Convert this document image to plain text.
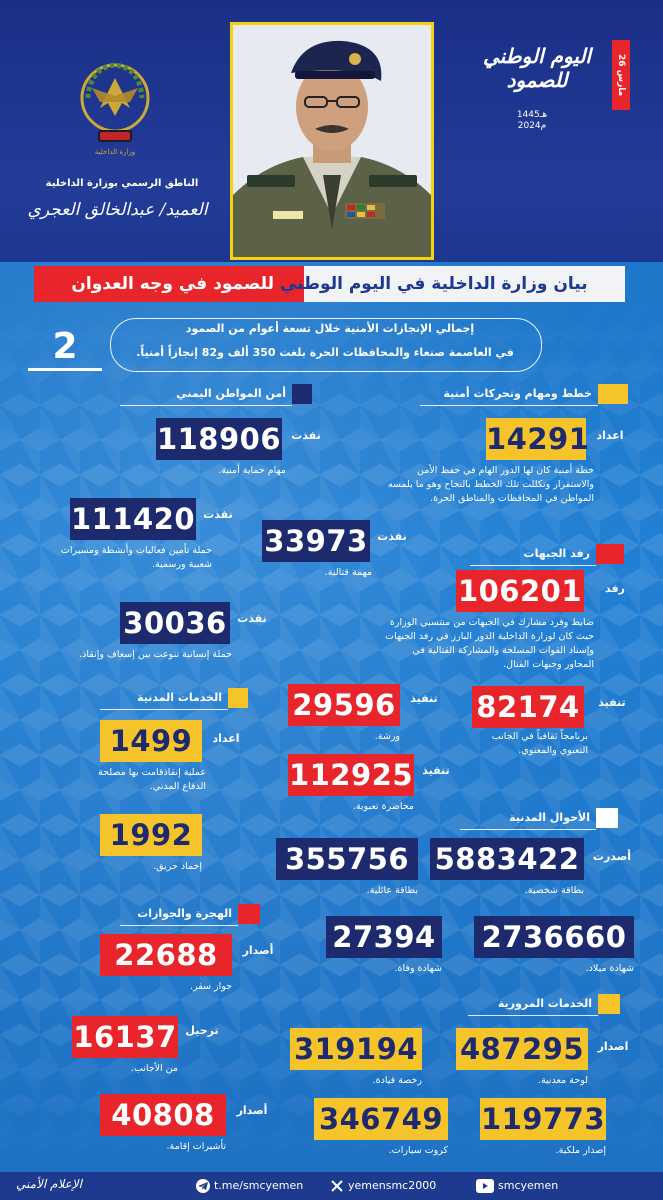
وزارة الداخلية
الناطق الرسمي بوزارة الداخلية
العميد/ عبدالخالق العجري
اليوم الوطني للصمود
26 مارس
1445هـ
2024م
بيان وزارة الداخلية في اليوم الوطني للصمود في وجه العدوان
2	إجمالي الإنجازات الأمنية خلال تسعة أعوام من الصمود
في العاصمة صنعاء والمحافظات الحرة بلغت 350 ألف و82 إنجازاً أمنياً.
خطط ومهام وتحركات أمنية
اعداد
14291
خطة أمنية كان لها الدور الهام في حفظ الأمن والاستقرار وتكللت تلك الخطط بالنجاح وهو ما يلمسه المواطن في المحافظات والمناطق الحرة.
أمن المواطن اليمني
نفذت
118906
مهام حماية أمنية.
نفذت
111420
حملة تأمين فعاليات وأنشطة ومسيرات شعبية ورسمية.
نفذت
33973
مهمة قتالية.
نفذت
30036
حملة إنسانية تنوعت بين إسعاف وإنقاذ.
رفد الجبهات
رفد
106201
ضابط وفرد مشارك في الجبهات من منتسبي الوزارة حيث كان لوزارة الداخلية الدور البارز في رفد الجبهات وإسناد القوات المسلحة والمشاركة القتالية في المحاور وجبهات القتال.
تنفيذ
82174
برنامجاً ثقافياً في الجانب التعبوي والمعنوي.
تنفيذ
29596
ورشة.
تنفيذ
112925
محاضرة تعبوية.
الخدمات المدنية
اعداد
1499
عملية إنقاذقامت بها مصلحة الدفاع المدني.
1992
إخماد حريق.
الأحوال المدنية
أصدرت
5883422
بطاقة شخصية.
355756
بطاقة عائلية.
2736660
شهادة ميلاد.
27394
شهادة وفاة.
الهجرة والجوازات
أصدار
22688
جواز سفر.
ترحيل
16137
من الأجانب.
أصدار
40808
تأشيرات إقامة.
الخدمات المرورية
اصدار
487295
لوحة معدنية.
319194
رخصة قيادة.
119773
إصدار ملكية.
346749
كروت سيارات.
الإعلام الأمني	t.me/smcyemen	yemensmc2000	smcyemen
